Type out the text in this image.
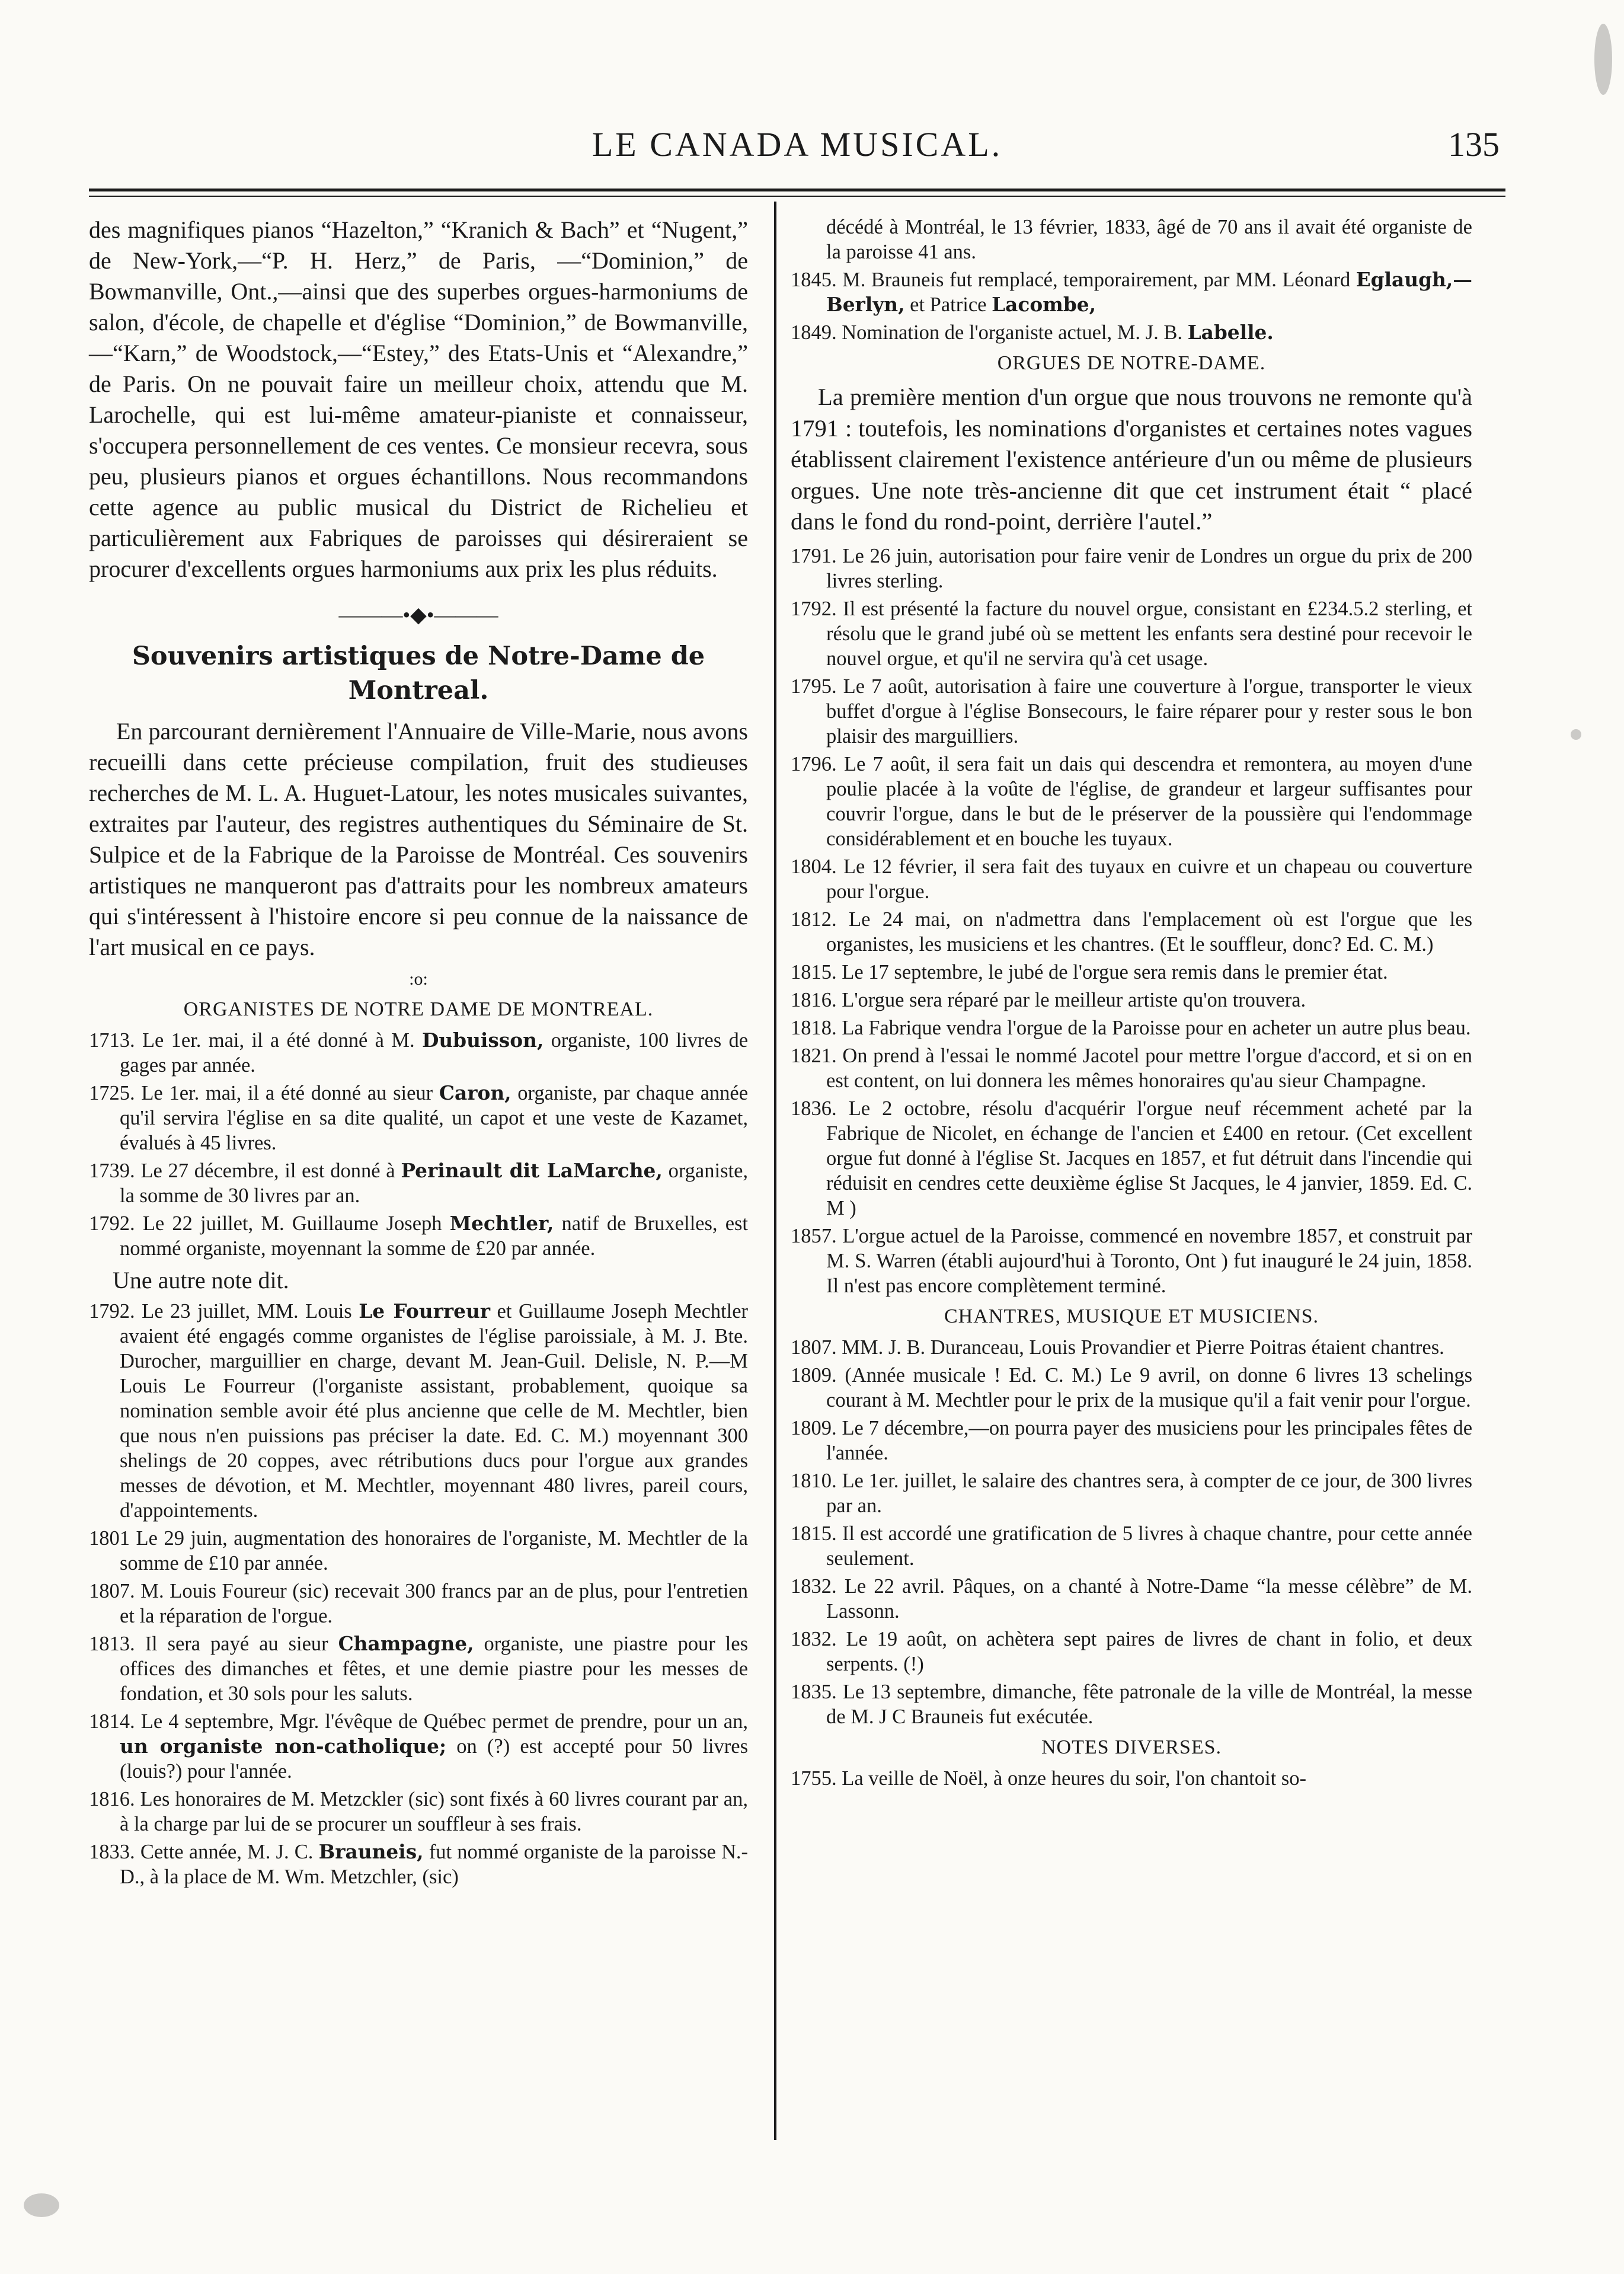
LE CANADA MUSICAL.	135

des magnifiques pianos “Hazelton,” “Kranich & Bach” et “Nugent,” de New-York,—“P. H. Herz,” de Paris, —“Dominion,” de Bowmanville, Ont.,—ainsi que des superbes orgues-harmoniums de salon, d'école, de chapelle et d'église “Dominion,” de Bowmanville,—“Karn,” de Woodstock,—“Estey,” des Etats-Unis et “Alexandre,” de Paris. On ne pouvait faire un meilleur choix, attendu que M. Larochelle, qui est lui-même amateur-pianiste et connaisseur, s'occupera personnellement de ces ventes. Ce monsieur recevra, sous peu, plusieurs pianos et orgues échantillons. Nous recommandons cette agence au public musical du District de Richelieu et particulièrement aux Fabriques de paroisses qui désireraient se procurer d'excellents orgues harmoniums aux prix les plus réduits.

———•◆•———
Souvenirs artistiques de Notre-Dame de Montreal.

En parcourant dernièrement l'Annuaire de Ville-Marie, nous avons recueilli dans cette précieuse compilation, fruit des studieuses recherches de M. L. A. Huguet-Latour, les notes musicales suivantes, extraites par l'auteur, des registres authentiques du Séminaire de St. Sulpice et de la Fabrique de la Paroisse de Montréal. Ces souvenirs artistiques ne manqueront pas d'attraits pour les nombreux amateurs qui s'intéressent à l'histoire encore si peu connue de la naissance de l'art musical en ce pays.

:o:
ORGANISTES DE NOTRE DAME DE MONTREAL.

1713. Le 1er. mai, il a été donné à M. Dubuisson, organiste, 100 livres de gages par année.

1725. Le 1er. mai, il a été donné au sieur Caron, organiste, par chaque année qu'il servira l'église en sa dite qualité, un capot et une veste de Kazamet, évalués à 45 livres.

1739. Le 27 décembre, il est donné à Perinault dit LaMarche, organiste, la somme de 30 livres par an.

1792. Le 22 juillet, M. Guillaume Joseph Mechtler, natif de Bruxelles, est nommé organiste, moyennant la somme de £20 par année.

Une autre note dit.

1792. Le 23 juillet, MM. Louis Le Fourreur et Guillaume Joseph Mechtler avaient été engagés comme organistes de l'église paroissiale, à M. J. Bte. Durocher, marguillier en charge, devant M. Jean-Guil. Delisle, N. P.—M Louis Le Fourreur (l'organiste assistant, probablement, quoique sa nomination semble avoir été plus ancienne que celle de M. Mechtler, bien que nous n'en puissions pas préciser la date. Ed. C. M.) moyennant 300 shelings de 20 coppes, avec rétributions ducs pour l'orgue aux grandes messes de dévotion, et M. Mechtler, moyennant 480 livres, pareil cours, d'appointements.

1801 Le 29 juin, augmentation des honoraires de l'organiste, M. Mechtler de la somme de £10 par année.

1807. M. Louis Foureur (sic) recevait 300 francs par an de plus, pour l'entretien et la réparation de l'orgue.

1813. Il sera payé au sieur Champagne, organiste, une piastre pour les offices des dimanches et fêtes, et une demie piastre pour les messes de fondation, et 30 sols pour les saluts.

1814. Le 4 septembre, Mgr. l'évêque de Québec permet de prendre, pour un an, un organiste non-catholique; on (?) est accepté pour 50 livres (louis?) pour l'année.

1816. Les honoraires de M. Metzckler (sic) sont fixés à 60 livres courant par an, à la charge par lui de se procurer un souffleur à ses frais.

1833. Cette année, M. J. C. Brauneis, fut nommé organiste de la paroisse N.-D., à la place de M. Wm. Metzchler, (sic)

décédé à Montréal, le 13 février, 1833, âgé de 70 ans il avait été organiste de la paroisse 41 ans.

1845. M. Brauneis fut remplacé, temporairement, par MM. Léonard Eglaugh,—Berlyn, et Patrice Lacombe,

1849. Nomination de l'organiste actuel, M. J. B. Labelle.

ORGUES DE NOTRE-DAME.

La première mention d'un orgue que nous trouvons ne remonte qu'à 1791 : toutefois, les nominations d'organistes et certaines notes vagues établissent clairement l'existence antérieure d'un ou même de plusieurs orgues. Une note très-ancienne dit que cet instrument était “ placé dans le fond du rond-point, derrière l'autel.”

1791. Le 26 juin, autorisation pour faire venir de Londres un orgue du prix de 200 livres sterling.

1792. Il est présenté la facture du nouvel orgue, consistant en £234.5.2 sterling, et résolu que le grand jubé où se mettent les enfants sera destiné pour recevoir le nouvel orgue, et qu'il ne servira qu'à cet usage.

1795. Le 7 août, autorisation à faire une couverture à l'orgue, transporter le vieux buffet d'orgue à l'église Bonsecours, le faire réparer pour y rester sous le bon plaisir des marguilliers.

1796. Le 7 août, il sera fait un dais qui descendra et remontera, au moyen d'une poulie placée à la voûte de l'église, de grandeur et largeur suffisantes pour couvrir l'orgue, dans le but de le préserver de la poussière qui l'endommage considérablement et en bouche les tuyaux.

1804. Le 12 février, il sera fait des tuyaux en cuivre et un chapeau ou couverture pour l'orgue.

1812. Le 24 mai, on n'admettra dans l'emplacement où est l'orgue que les organistes, les musiciens et les chantres. (Et le souffleur, donc? Ed. C. M.)

1815. Le 17 septembre, le jubé de l'orgue sera remis dans le premier état.

1816. L'orgue sera réparé par le meilleur artiste qu'on trouvera.

1818. La Fabrique vendra l'orgue de la Paroisse pour en acheter un autre plus beau.

1821. On prend à l'essai le nommé Jacotel pour mettre l'orgue d'accord, et si on en est content, on lui donnera les mêmes honoraires qu'au sieur Champagne.

1836. Le 2 octobre, résolu d'acquérir l'orgue neuf récemment acheté par la Fabrique de Nicolet, en échange de l'ancien et £400 en retour. (Cet excellent orgue fut donné à l'église St. Jacques en 1857, et fut détruit dans l'incendie qui réduisit en cendres cette deuxième église St Jacques, le 4 janvier, 1859. Ed. C. M )

1857. L'orgue actuel de la Paroisse, commencé en novembre 1857, et construit par M. S. Warren (établi aujourd'hui à Toronto, Ont ) fut inauguré le 24 juin, 1858. Il n'est pas encore complètement terminé.

CHANTRES, MUSIQUE ET MUSICIENS.

1807. MM. J. B. Duranceau, Louis Provandier et Pierre Poitras étaient chantres.

1809. (Année musicale ! Ed. C. M.) Le 9 avril, on donne 6 livres 13 schelings courant à M. Mechtler pour le prix de la musique qu'il a fait venir pour l'orgue.

1809. Le 7 décembre,—on pourra payer des musiciens pour les principales fêtes de l'année.

1810. Le 1er. juillet, le salaire des chantres sera, à compter de ce jour, de 300 livres par an.

1815. Il est accordé une gratification de 5 livres à chaque chantre, pour cette année seulement.

1832. Le 22 avril. Pâques, on a chanté à Notre-Dame “la messe célèbre” de M. Lassonn.

1832. Le 19 août, on achètera sept paires de livres de chant in folio, et deux serpents. (!)

1835. Le 13 septembre, dimanche, fête patronale de la ville de Montréal, la messe de M. J C Brauneis fut exécutée.

NOTES DIVERSES.

1755. La veille de Noël, à onze heures du soir, l'on chantoit so-
